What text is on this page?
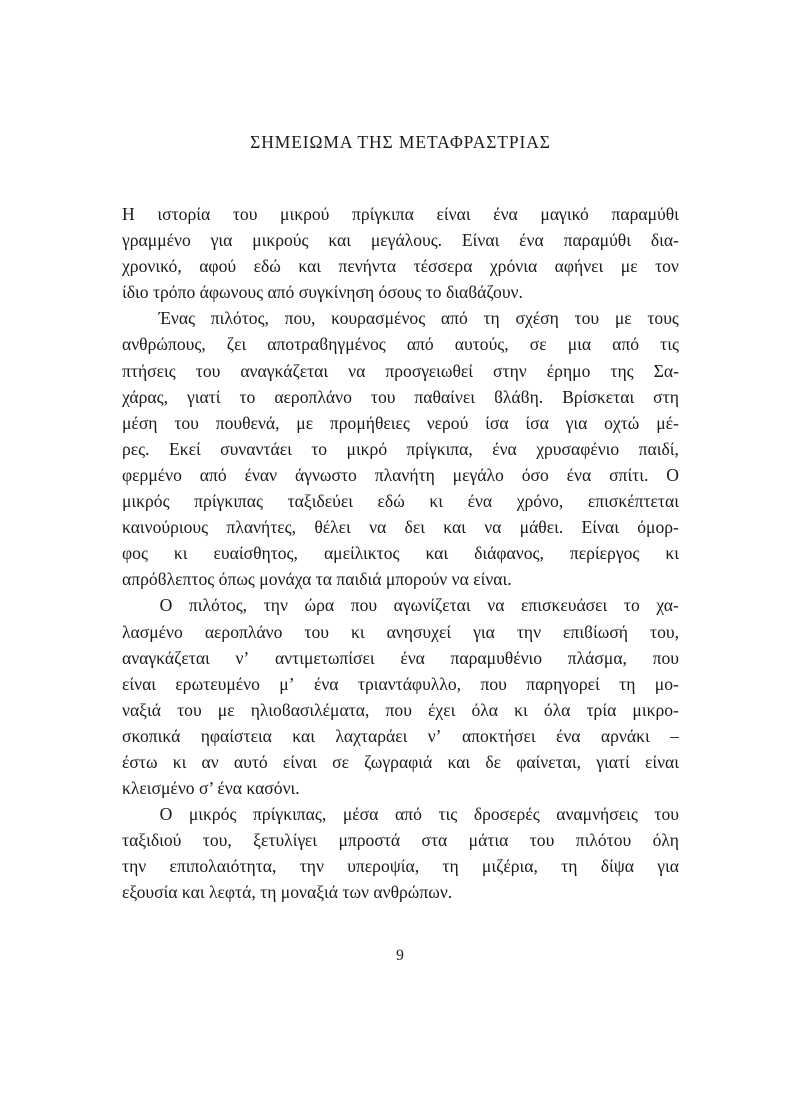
ΣΗΜΕΙΩΜΑ ΤΗΣ ΜΕΤΑΦΡΑΣΤΡΙΑΣ

Η ιστορία του μικρού πρίγκιπα είναι ένα μαγικό παραμύθι
γραμμένο για μικρούς και μεγάλους. Είναι ένα παραμύθι δια-
χρονικό, αφού εδώ και πενήντα τέσσερα χρόνια αφήνει με τον
ίδιο τρόπο άφωνους από συγκίνηση όσους το διαϐάζουν.

Ένας πιλότος, που, κουρασμένος από τη σχέση του με τους
ανθρώπους, ζει αποτραϐηγμένος από αυτούς, σε μια από τις
πτήσεις του αναγκάζεται να προσγειωθεί στην έρημο της Σα-
χάρας, γιατί το αεροπλάνο του παθαίνει ϐλάϐη. Βρίσκεται στη
μέση του πουθενά, με προμήθειες νερού ίσα ίσα για οχτώ μέ-
ρες. Εκεί συναντάει το μικρό πρίγκιπα, ένα χρυσαφένιο παιδί,
φερμένο από έναν άγνωστο πλανήτη μεγάλο όσο ένα σπίτι. Ο
μικρός πρίγκιπας ταξιδεύει εδώ κι ένα χρόνο, επισκέπτεται
καινούριους πλανήτες, θέλει να δει και να μάθει. Είναι όμορ-
φος κι ευαίσθητος, αμείλικτος και διάφανος, περίεργος κι
απρόϐλεπτος όπως μονάχα τα παιδιά μπορούν να είναι.

Ο πιλότος, την ώρα που αγωνίζεται να επισκευάσει το χα-
λασμένο αεροπλάνο του κι ανησυχεί για την επιϐίωσή του,
αναγκάζεται ν’ αντιμετωπίσει ένα παραμυθένιο πλάσμα, που
είναι ερωτευμένο μ’ ένα τριαντάφυλλο, που παρηγορεί τη μο-
ναξιά του με ηλιοϐασιλέματα, που έχει όλα κι όλα τρία μικρο-
σκοπικά ηφαίστεια και λαχταράει ν’ αποκτήσει ένα αρνάκι –
έστω κι αν αυτό είναι σε ζωγραφιά και δε φαίνεται, γιατί είναι
κλεισμένο σ’ ένα κασόνι.

Ο μικρός πρίγκιπας, μέσα από τις δροσερές αναμνήσεις του
ταξιδιού του, ξετυλίγει μπροστά στα μάτια του πιλότου όλη
την επιπολαιότητα, την υπεροψία, τη μιζέρια, τη δίψα για
εξουσία και λεφτά, τη μοναξιά των ανθρώπων.

9
